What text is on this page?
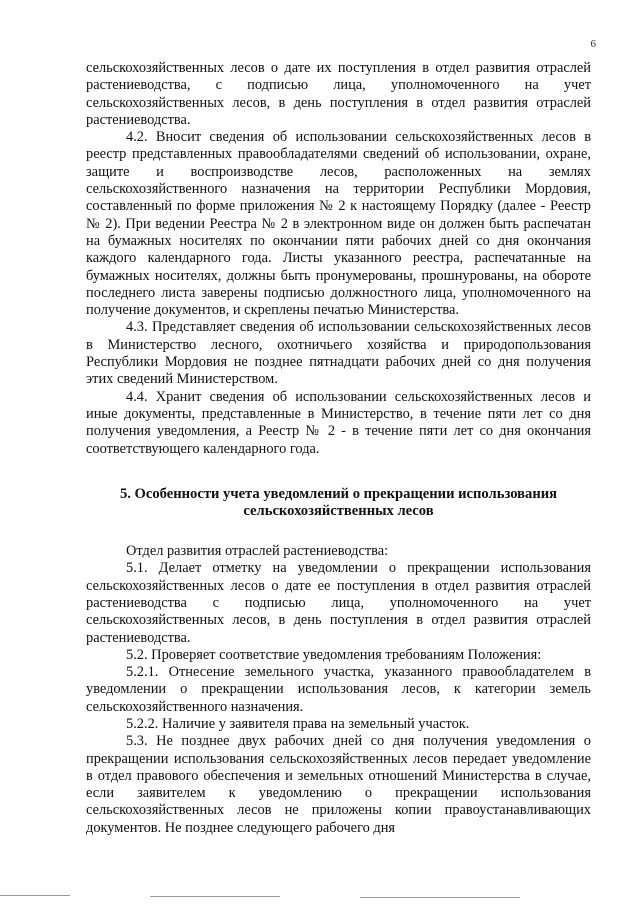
6

сельскохозяйственных лесов о дате их поступления в отдел развития отраслей растениеводства, с подписью лица, уполномоченного на учет сельскохозяйственных лесов, в день поступления в отдел развития отраслей растениеводства.

4.2. Вносит сведения об использовании сельскохозяйственных лесов в реестр представленных правообладателями сведений об использовании, охране, защите и воспроизводстве лесов, расположенных на землях сельскохозяйственного назначения на территории Республики Мордовия, составленный по форме приложения № 2 к настоящему Порядку (далее - Реестр № 2). При ведении Реестра № 2 в электронном виде он должен быть распечатан на бумажных носителях по окончании пяти рабочих дней со дня окончания каждого календарного года. Листы указанного реестра, распечатанные на бумажных носителях, должны быть пронумерованы, прошнурованы, на обороте последнего листа заверены подписью должностного лица, уполномоченного на получение документов, и скреплены печатью Министерства.

4.3. Представляет сведения об использовании сельскохозяйственных лесов в Министерство лесного, охотничьего хозяйства и природопользования Республики Мордовия не позднее пятнадцати рабочих дней со дня получения этих сведений Министерством.

4.4. Хранит сведения об использовании сельскохозяйственных лесов и иные документы, представленные в Министерство, в течение пяти лет со дня получения уведомления, а Реестр № 2 - в течение пяти лет со дня окончания соответствующего календарного года.

5. Особенности учета уведомлений о прекращении использования
сельскохозяйственных лесов

Отдел развития отраслей растениеводства:

5.1. Делает отметку на уведомлении о прекращении использования сельскохозяйственных лесов о дате ее поступления в отдел развития отраслей растениеводства с подписью лица, уполномоченного на учет сельскохозяйственных лесов, в день поступления в отдел развития отраслей растениеводства.

5.2. Проверяет соответствие уведомления требованиям Положения:

5.2.1. Отнесение земельного участка, указанного правообладателем в уведомлении о прекращении использования лесов, к категории земель сельскохозяйственного назначения.

5.2.2. Наличие у заявителя права на земельный участок.

5.3. Не позднее двух рабочих дней со дня получения уведомления о прекращении использования сельскохозяйственных лесов передает уведомление в отдел правового обеспечения и земельных отношений Министерства в случае, если заявителем к уведомлению о прекращении использования сельскохозяйственных лесов не приложены копии правоустанавливающих документов. Не позднее следующего рабочего дня
